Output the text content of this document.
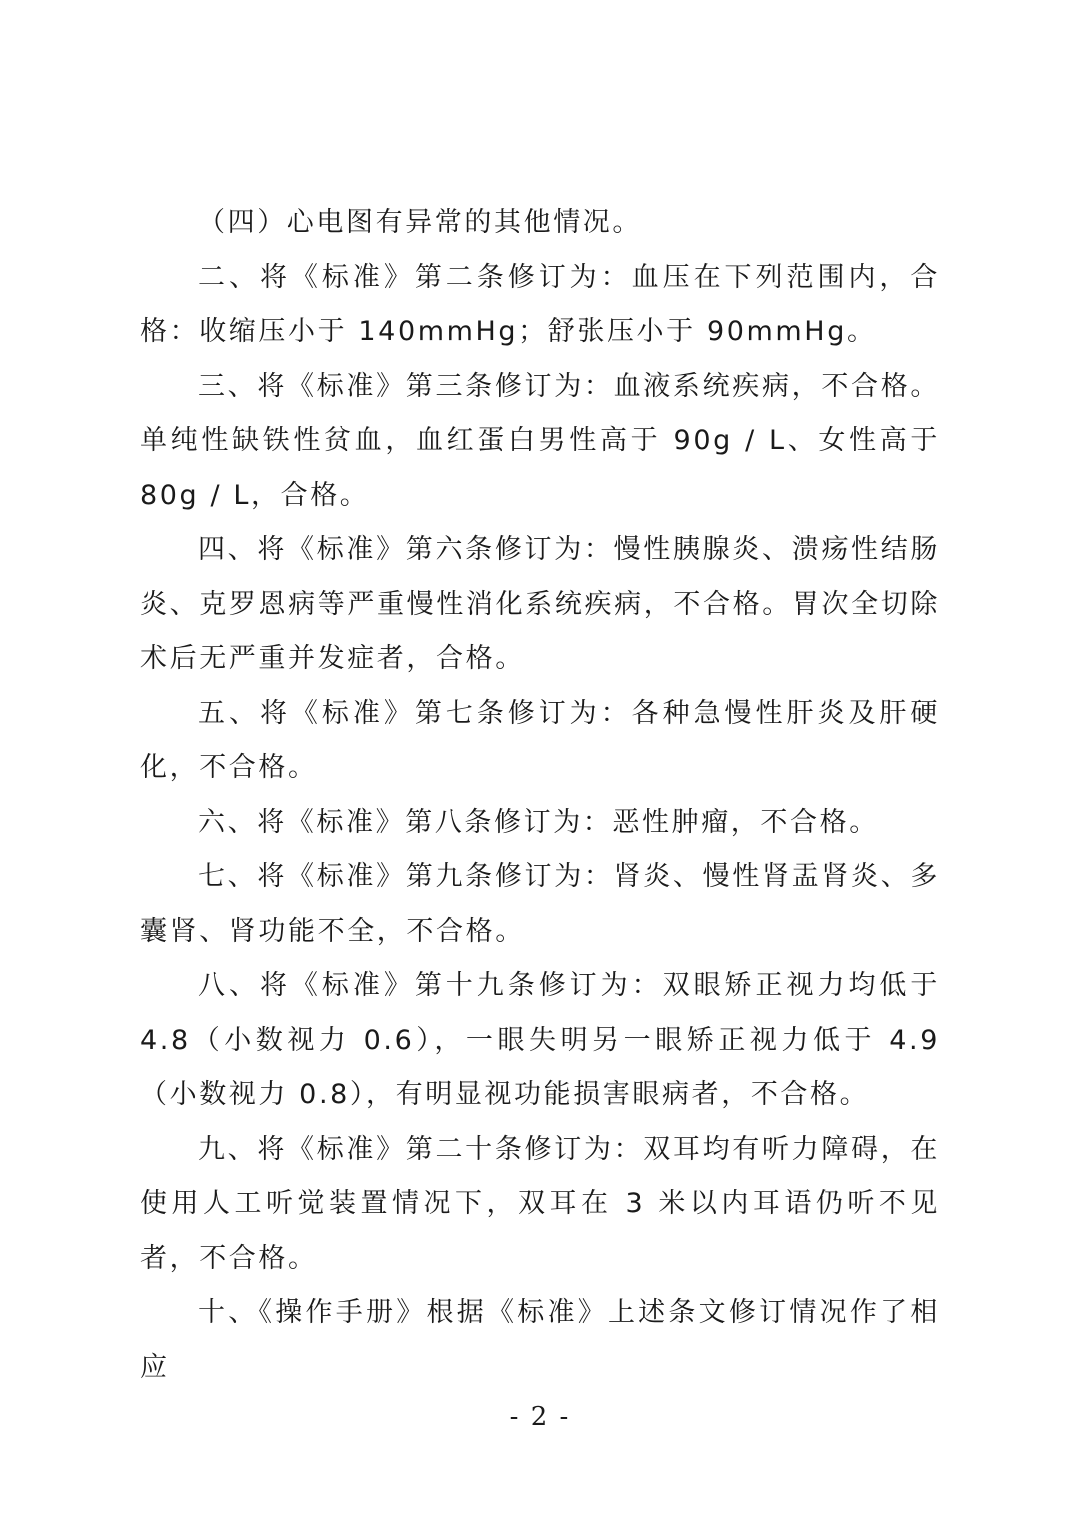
（四）心电图有异常的其他情况。

二、将《标准》第二条修订为：血压在下列范围内，合格：收缩压小于 140mmHg；舒张压小于 90mmHg。

三、将《标准》第三条修订为：血液系统疾病，不合格。单纯性缺铁性贫血，血红蛋白男性高于 90g / L、女性高于 80g / L，合格。

四、将《标准》第六条修订为：慢性胰腺炎、溃疡性结肠炎、克罗恩病等严重慢性消化系统疾病，不合格。胃次全切除术后无严重并发症者，合格。

五、将《标准》第七条修订为：各种急慢性肝炎及肝硬化，不合格。

六、将《标准》第八条修订为：恶性肿瘤，不合格。

七、将《标准》第九条修订为：肾炎、慢性肾盂肾炎、多囊肾、肾功能不全，不合格。

八、将《标准》第十九条修订为：双眼矫正视力均低于 4.8（小数视力 0.6），一眼失明另一眼矫正视力低于 4.9（小数视力 0.8），有明显视功能损害眼病者，不合格。

九、将《标准》第二十条修订为：双耳均有听力障碍，在使用人工听觉装置情况下，双耳在 3 米以内耳语仍听不见者，不合格。

十、《操作手册》根据《标准》上述条文修订情况作了相应

- 2 -
